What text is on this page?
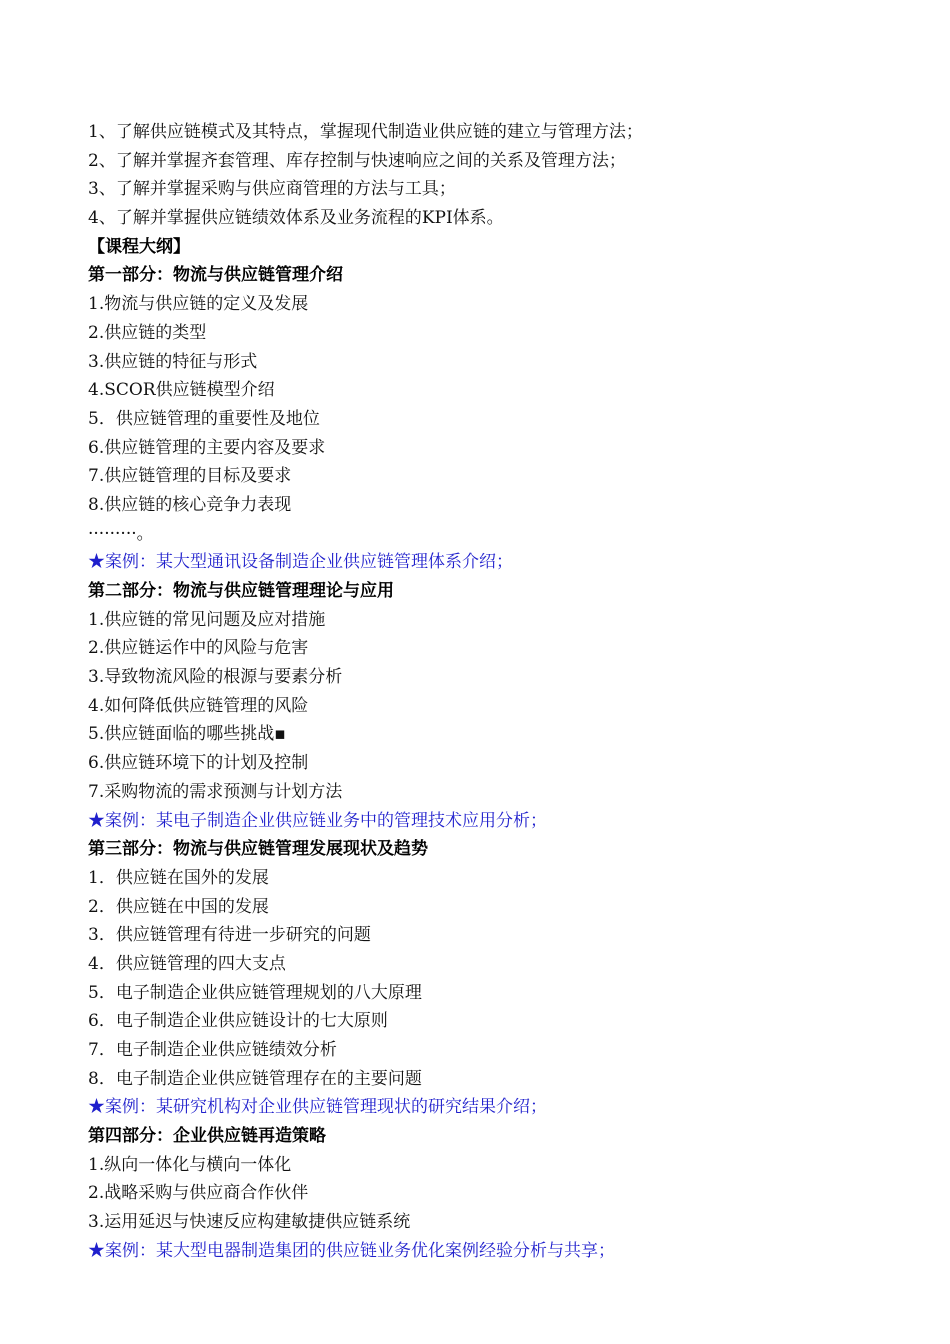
1、了解供应链模式及其特点，掌握现代制造业供应链的建立与管理方法；
2、了解并掌握齐套管理、库存控制与快速响应之间的关系及管理方法；
3、了解并掌握采购与供应商管理的方法与工具；
4、了解并掌握供应链绩效体系及业务流程的KPI体系。
【课程大纲】
第一部分：物流与供应链管理介绍
1.物流与供应链的定义及发展
2.供应链的类型
3.供应链的特征与形式
4.SCOR供应链模型介绍
5．供应链管理的重要性及地位
6.供应链管理的主要内容及要求
7.供应链管理的目标及要求
8.供应链的核心竞争力表现
·········。
★案例：某大型通讯设备制造企业供应链管理体系介绍；
第二部分：物流与供应链管理理论与应用
1.供应链的常见问题及应对措施
2.供应链运作中的风险与危害
3.导致物流风险的根源与要素分析
4.如何降低供应链管理的风险
5.供应链面临的哪些挑战▪
6.供应链环境下的计划及控制
7.采购物流的需求预测与计划方法
★案例：某电子制造企业供应链业务中的管理技术应用分析；
第三部分：物流与供应链管理发展现状及趋势
1．供应链在国外的发展
2．供应链在中国的发展
3．供应链管理有待进一步研究的问题
4．供应链管理的四大支点
5．电子制造企业供应链管理规划的八大原理
6．电子制造企业供应链设计的七大原则
7．电子制造企业供应链绩效分析
8．电子制造企业供应链管理存在的主要问题
★案例：某研究机构对企业供应链管理现状的研究结果介绍；
第四部分：企业供应链再造策略
1.纵向一体化与横向一体化
2.战略采购与供应商合作伙伴
3.运用延迟与快速反应构建敏捷供应链系统
★案例：某大型电器制造集团的供应链业务优化案例经验分析与共享；
